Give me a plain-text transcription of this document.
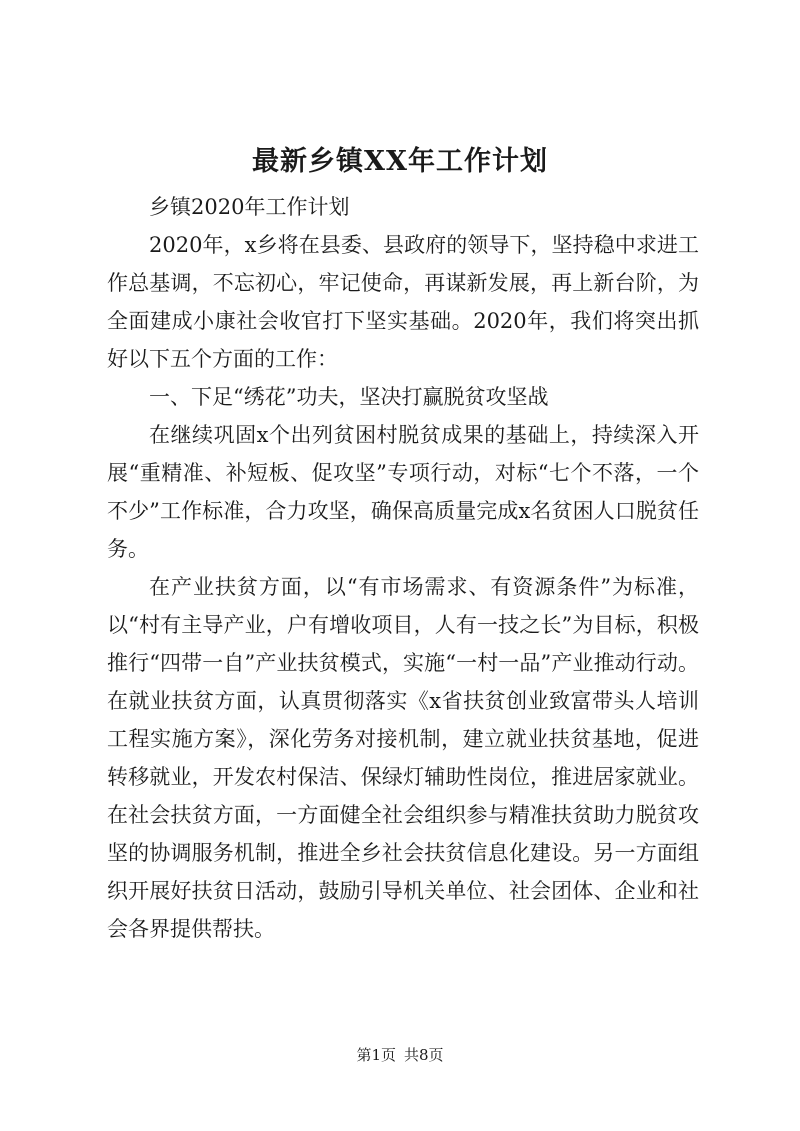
最新乡镇XX年工作计划

乡镇2020年工作计划

2020年，x乡将在县委、县政府的领导下，坚持稳中求进工作总基调，不忘初心，牢记使命，再谋新发展，再上新台阶，为全面建成小康社会收官打下坚实基础。2020年，我们将突出抓好以下五个方面的工作：

一、下足“绣花”功夫，坚决打赢脱贫攻坚战

在继续巩固x个出列贫困村脱贫成果的基础上，持续深入开展“重精准、补短板、促攻坚”专项行动，对标“七个不落，一个不少”工作标准，合力攻坚，确保高质量完成x名贫困人口脱贫任务。

在产业扶贫方面，以“有市场需求、有资源条件”为标准，以“村有主导产业，户有增收项目，人有一技之长”为目标，积极推行“四带一自”产业扶贫模式，实施“一村一品”产业推动行动。在就业扶贫方面，认真贯彻落实《x省扶贫创业致富带头人培训工程实施方案》，深化劳务对接机制，建立就业扶贫基地，促进转移就业，开发农村保洁、保绿灯辅助性岗位，推进居家就业。在社会扶贫方面，一方面健全社会组织参与精准扶贫助力脱贫攻坚的协调服务机制，推进全乡社会扶贫信息化建设。另一方面组织开展好扶贫日活动，鼓励引导机关单位、社会团体、企业和社会各界提供帮扶。

第1页 共8页
